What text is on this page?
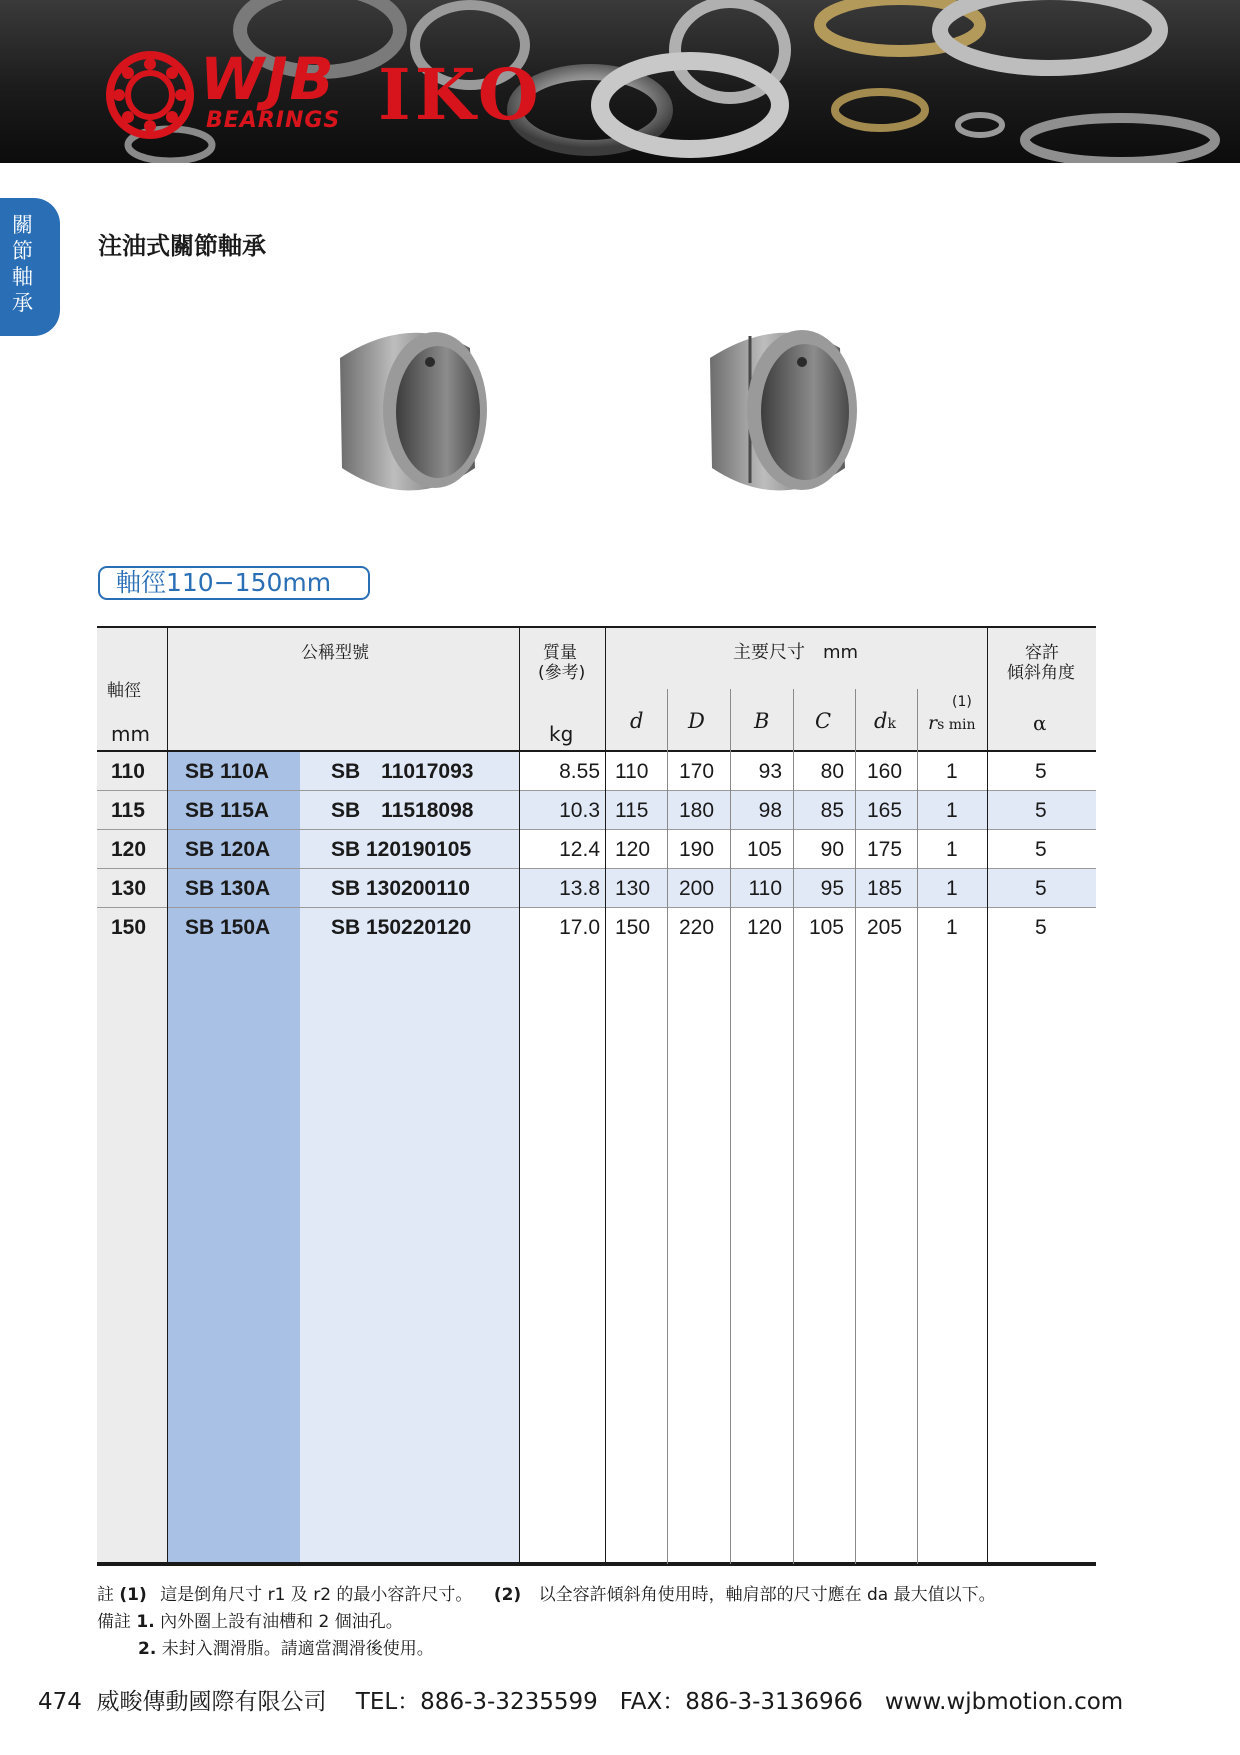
WJB
BEARINGS IKO
關節軸承
注油式關節軸承
軸徑110−150mm
軸徑
mm
公稱型號	質量
(參考)
kg
主要尺寸　mm
d D B C dk
(1)
rs min
容許
傾斜角度
α
110 SB 110A	SB　11017093	8.55 110 170 93 80 160 1	5
115 SB 115A	SB　11518098	10.3 115 180 98 85 165 1	5
120 SB 120A	SB 120190105	12.4 120 190 105 90 175 1	5
130 SB 130A	SB 130200110	13.8 130 200 110 95 185 1	5
150 SB 150A	SB 150220120	17.0 150 220 120 105 205 1	5
註 (1) 這是倒角尺寸 r1 及 r2 的最小容許尺寸。 (2) 以全容許傾斜角使用時，軸肩部的尺寸應在 da 最大值以下。
備註 1. 內外圈上設有油槽和 2 個油孔。
2. 未封入潤滑脂。請適當潤滑後使用。
474 威畯傳動國際有限公司 TEL：886-3-3235599 FAX：886-3-3136966 www.wjbmotion.com
